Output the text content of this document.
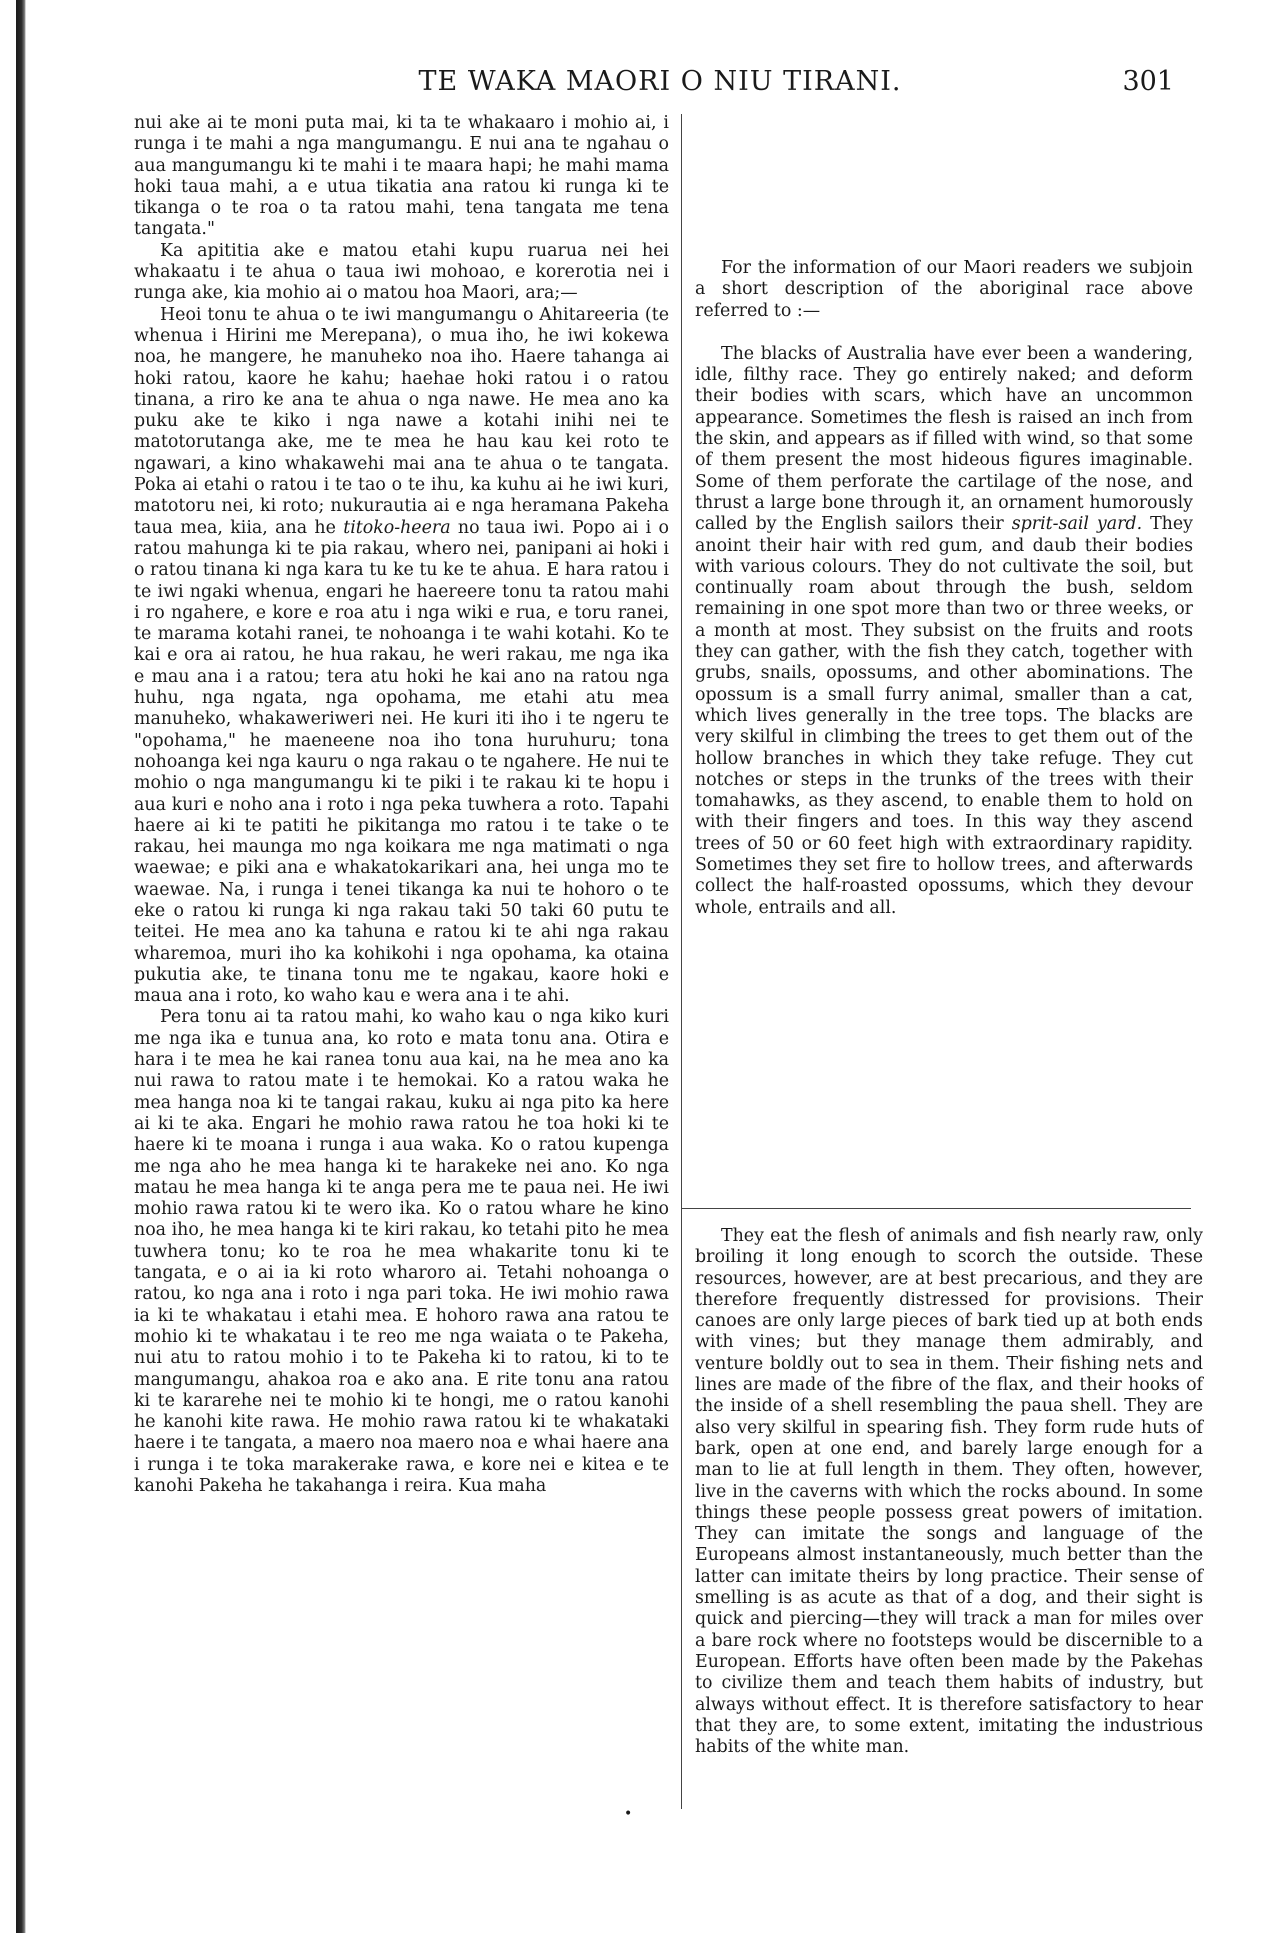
TE WAKA MAORI O NIU TIRANI.	301

nui ake ai te moni puta mai, ki ta te whakaaro i mohio ai, i runga i te mahi a nga mangumangu. E nui ana te ngahau o aua mangumangu ki te mahi i te maara hapi; he mahi mama hoki taua mahi, a e utua tikatia ana ratou ki runga ki te tikanga o te roa o ta ratou mahi, tena tangata me tena tangata."

Ka apititia ake e matou etahi kupu ruarua nei hei whakaatu i te ahua o taua iwi mohoao, e korerotia nei i runga ake, kia mohio ai o matou hoa Maori, ara;—

Heoi tonu te ahua o te iwi mangumangu o Ahitareeria (te whenua i Hirini me Merepana), o mua iho, he iwi kokewa noa, he mangere, he manuheko noa iho. Haere tahanga ai hoki ratou, kaore he kahu; haehae hoki ratou i o ratou tinana, a riro ke ana te ahua o nga nawe. He mea ano ka puku ake te kiko i nga nawe a kotahi inihi nei te matotorutanga ake, me te mea he hau kau kei roto te ngawari, a kino whakawehi mai ana te ahua o te tangata. Poka ai etahi o ratou i te tao o te ihu, ka kuhu ai he iwi kuri, matotoru nei, ki roto; nukurautia ai e nga heramana Pakeha taua mea, kiia, ana he titoko-heera no taua iwi. Popo ai i o ratou mahunga ki te pia rakau, whero nei, panipani ai hoki i o ratou tinana ki nga kara tu ke tu ke te ahua. E hara ratou i te iwi ngaki whenua, engari he haereere tonu ta ratou mahi i ro ngahere, e kore e roa atu i nga wiki e rua, e toru ranei, te marama kotahi ranei, te nohoanga i te wahi kotahi. Ko te kai e ora ai ratou, he hua rakau, he weri rakau, me nga ika e mau ana i a ratou; tera atu hoki he kai ano na ratou nga huhu, nga ngata, nga opohama, me etahi atu mea manuheko, whakaweriweri nei. He kuri iti iho i te ngeru te "opohama," he maeneene noa iho tona huruhuru; tona nohoanga kei nga kauru o nga rakau o te ngahere. He nui te mohio o nga mangumangu ki te piki i te rakau ki te hopu i aua kuri e noho ana i roto i nga peka tuwhera a roto. Tapahi haere ai ki te patiti he pikitanga mo ratou i te take o te rakau, hei maunga mo nga koikara me nga matimati o nga waewae; e piki ana e whakatokarikari ana, hei unga mo te waewae. Na, i runga i tenei tikanga ka nui te hohoro o te eke o ratou ki runga ki nga rakau taki 50 taki 60 putu te teitei. He mea ano ka tahuna e ratou ki te ahi nga rakau wharemoa, muri iho ka kohikohi i nga opohama, ka otaina pukutia ake, te tinana tonu me te ngakau, kaore hoki e maua ana i roto, ko waho kau e wera ana i te ahi.

Pera tonu ai ta ratou mahi, ko waho kau o nga kiko kuri me nga ika e tunua ana, ko roto e mata tonu ana. Otira e hara i te mea he kai ranea tonu aua kai, na he mea ano ka nui rawa to ratou mate i te hemokai. Ko a ratou waka he mea hanga noa ki te tangai rakau, kuku ai nga pito ka here ai ki te aka. Engari he mohio rawa ratou he toa hoki ki te haere ki te moana i runga i aua waka. Ko o ratou kupenga me nga aho he mea hanga ki te harakeke nei ano. Ko nga matau he mea hanga ki te anga pera me te paua nei. He iwi mohio rawa ratou ki te wero ika. Ko o ratou whare he kino noa iho, he mea hanga ki te kiri rakau, ko tetahi pito he mea tuwhera tonu; ko te roa he mea whakarite tonu ki te tangata, e o ai ia ki roto wharoro ai. Tetahi nohoanga o ratou, ko nga ana i roto i nga pari toka. He iwi mohio rawa ia ki te whakatau i etahi mea. E hohoro rawa ana ratou te mohio ki te whakatau i te reo me nga waiata o te Pakeha, nui atu to ratou mohio i to te Pakeha ki to ratou, ki to te mangumangu, ahakoa roa e ako ana. E rite tonu ana ratou ki te kararehe nei te mohio ki te hongi, me o ratou kanohi he kanohi kite rawa. He mohio rawa ratou ki te whakataki haere i te tangata, a maero noa maero noa e whai haere ana i runga i te toka marakerake rawa, e kore nei e kitea e te kanohi Pakeha he takahanga i reira. Kua maha

For the information of our Maori readers we subjoin a short description of the aboriginal race above referred to :—

The blacks of Australia have ever been a wandering, idle, filthy race. They go entirely naked; and deform their bodies with scars, which have an uncommon appearance. Sometimes the flesh is raised an inch from the skin, and appears as if filled with wind, so that some of them present the most hideous figures imaginable. Some of them perforate the cartilage of the nose, and thrust a large bone through it, an ornament humorously called by the English sailors their sprit-sail yard. They anoint their hair with red gum, and daub their bodies with various colours. They do not cultivate the soil, but continually roam about through the bush, seldom remaining in one spot more than two or three weeks, or a month at most. They subsist on the fruits and roots they can gather, with the fish they catch, together with grubs, snails, opossums, and other abominations. The opossum is a small furry animal, smaller than a cat, which lives generally in the tree tops. The blacks are very skilful in climbing the trees to get them out of the hollow branches in which they take refuge. They cut notches or steps in the trunks of the trees with their tomahawks, as they ascend, to enable them to hold on with their fingers and toes. In this way they ascend trees of 50 or 60 feet high with extraordinary rapidity. Sometimes they set fire to hollow trees, and afterwards collect the half-roasted opossums, which they devour whole, entrails and all.

They eat the flesh of animals and fish nearly raw, only broiling it long enough to scorch the outside. These resources, however, are at best precarious, and they are therefore frequently distressed for provisions. Their canoes are only large pieces of bark tied up at both ends with vines; but they manage them admirably, and venture boldly out to sea in them. Their fishing nets and lines are made of the fibre of the flax, and their hooks of the inside of a shell resembling the paua shell. They are also very skilful in spearing fish. They form rude huts of bark, open at one end, and barely large enough for a man to lie at full length in them. They often, however, live in the caverns with which the rocks abound. In some things these people possess great powers of imitation. They can imitate the songs and language of the Europeans almost instantaneously, much better than the latter can imitate theirs by long practice. Their sense of smelling is as acute as that of a dog, and their sight is quick and piercing—they will track a man for miles over a bare rock where no footsteps would be discernible to a European. Efforts have often been made by the Pakehas to civilize them and teach them habits of industry, but always without effect. It is therefore satisfactory to hear that they are, to some extent, imitating the industrious habits of the white man.

•
